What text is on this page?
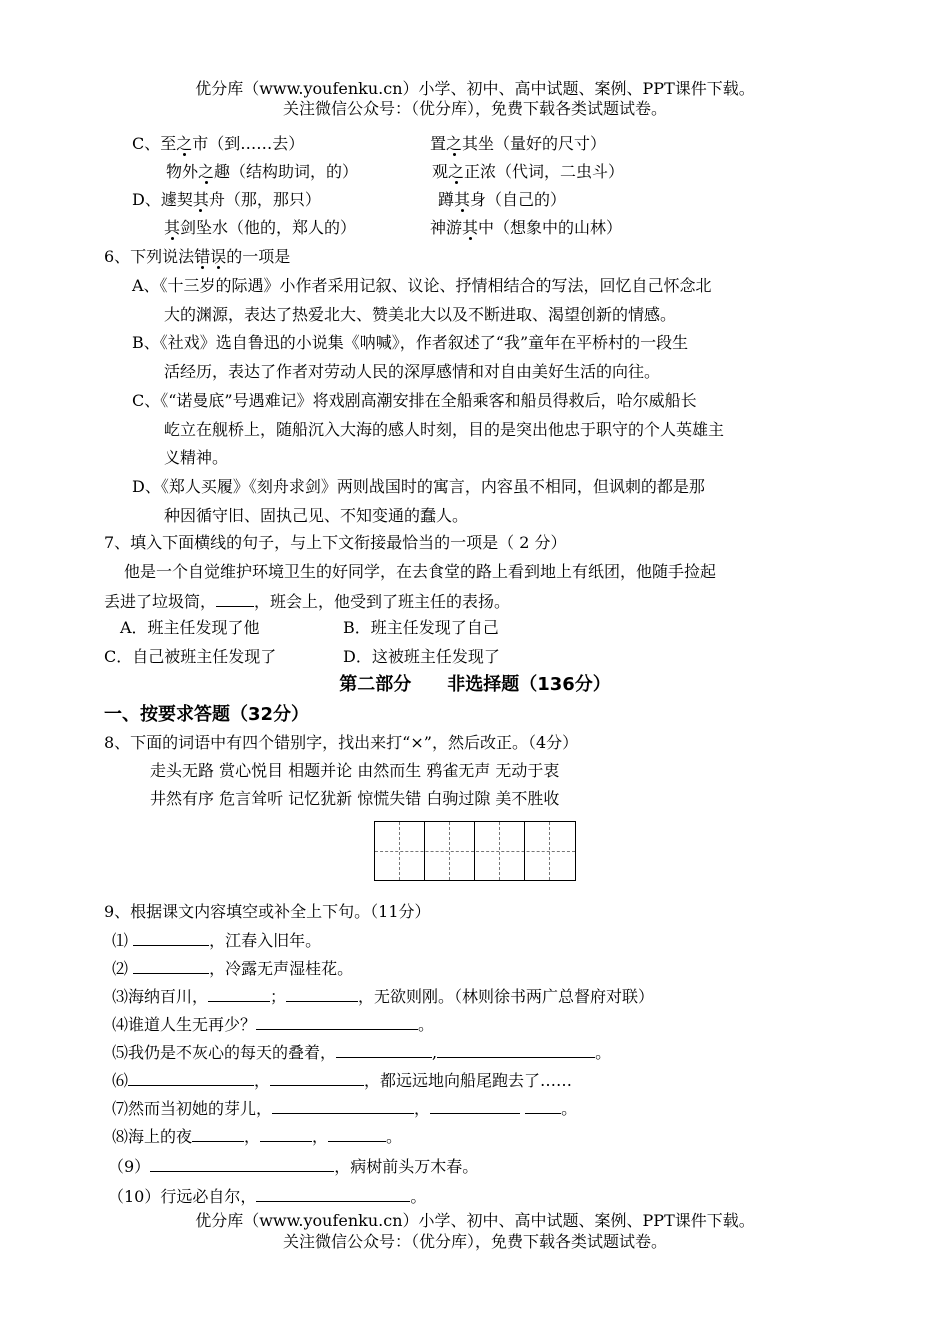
优分库（www.youfenku.cn）小学、初中、高中试题、案例、PPT课件下载。
关注微信公众号：（优分库），免费下载各类试题试卷。
C、至之市（到……去）	置之其坐（量好的尺寸）
物外之趣（结构助词，的）	观之正浓（代词，二虫斗）
D、遽契其舟（那，那只）	蹲其身（自己的）
其剑坠水（他的，郑人的）	神游其中（想象中的山林）
6、下列说法错误的一项是
A、《十三岁的际遇》小作者采用记叙、议论、抒情相结合的写法，回忆自己怀念北
大的渊源，表达了热爱北大、赞美北大以及不断进取、渴望创新的情感。
B、《社戏》选自鲁迅的小说集《呐喊》，作者叙述了“我”童年在平桥村的一段生
活经历，表达了作者对劳动人民的深厚感情和对自由美好生活的向往。
C、《“诺曼底”号遇难记》将戏剧高潮安排在全船乘客和船员得救后，哈尔威船长
屹立在舰桥上，随船沉入大海的感人时刻，目的是突出他忠于职守的个人英雄主
义精神。
D、《郑人买履》《刻舟求剑》两则战国时的寓言，内容虽不相同，但讽刺的都是那
种因循守旧、固执己见、不知变通的蠢人。
7、填入下面横线的句子，与上下文衔接最恰当的一项是（ 2 分）
他是一个自觉维护环境卫生的好同学，在去食堂的路上看到地上有纸团，他随手捡起
丢进了垃圾筒， ，班会上，他受到了班主任的表扬。
A．班主任发现了他	B．班主任发现了自己
C．自己被班主任发现了	D．这被班主任发现了
第二部分　　非选择题（136分）
一、按要求答题（32分）
8、下面的词语中有四个错别字，找出来打“×”，然后改正。（4分）
走头无路 赏心悦目 相题并论 由然而生 鸦雀无声 无动于衷
井然有序 危言耸听 记忆犹新 惊慌失错 白驹过隙 美不胜收
9、根据课文内容填空或补全上下句。（11分）
⑴	，江春入旧年。
⑵	，冷露无声湿桂花。
⑶海纳百川，	；	，无欲则刚。（林则徐书两广总督府对联）
⑷谁道人生无再少？	。
⑸我仍是不灰心的每天的叠着，	,	。
⑹	，	，都远远地向船尾跑去了……
⑺然而当初她的芽儿，	，	。
⑻海上的夜	，	，	。
（9）	，病树前头万木春。
（10）行远必自尔，	。
优分库（www.youfenku.cn）小学、初中、高中试题、案例、PPT课件下载。
关注微信公众号：（优分库），免费下载各类试题试卷。
